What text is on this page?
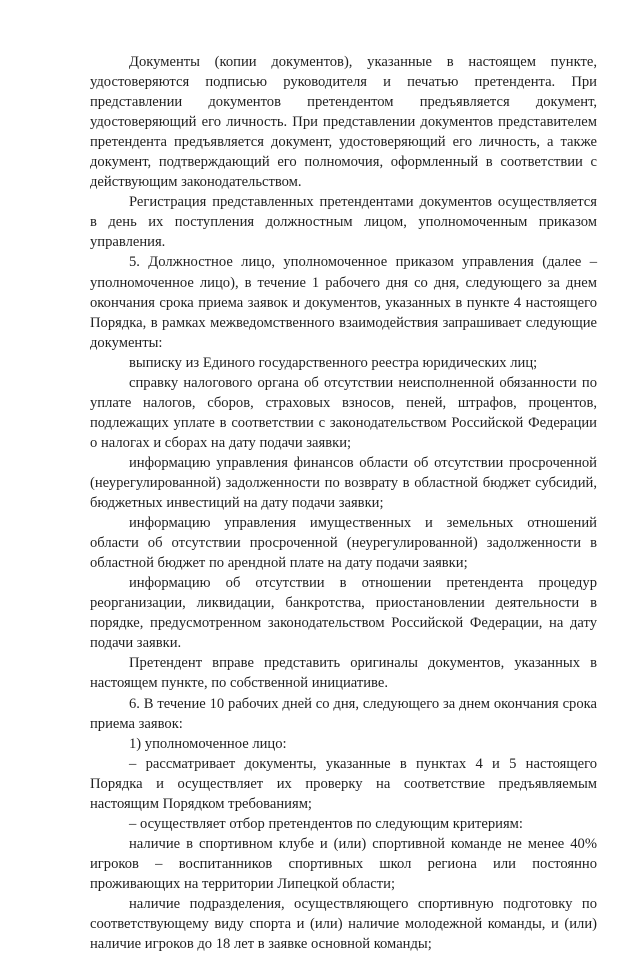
Документы (копии документов), указанные в настоящем пункте, удостоверяются подписью руководителя и печатью претендента. При представлении документов претендентом предъявляется документ, удостоверяющий его личность. При представлении документов представителем претендента предъявляется документ, удостоверяющий его личность, а также документ, подтверждающий его полномочия, оформленный в соответствии с действующим законодательством.

Регистрация представленных претендентами документов осуществляется в день их поступления должностным лицом, уполномоченным приказом управления.

5. Должностное лицо, уполномоченное приказом управления (далее – уполномоченное лицо), в течение 1 рабочего дня со дня, следующего за днем окончания срока приема заявок и документов, указанных в пункте 4 настоящего Порядка, в рамках межведомственного взаимодействия запрашивает следующие документы:

выписку из Единого государственного реестра юридических лиц;

справку налогового органа об отсутствии неисполненной обязанности по уплате налогов, сборов, страховых взносов, пеней, штрафов, процентов, подлежащих уплате в соответствии с законодательством Российской Федерации о налогах и сборах на дату подачи заявки;

информацию управления финансов области об отсутствии просроченной (неурегулированной) задолженности по возврату в областной бюджет субсидий, бюджетных инвестиций на дату подачи заявки;

информацию управления имущественных и земельных отношений области об отсутствии просроченной (неурегулированной) задолженности в областной бюджет по арендной плате на дату подачи заявки;

информацию об отсутствии в отношении претендента процедур реорганизации, ликвидации, банкротства, приостановлении деятельности в порядке, предусмотренном законодательством Российской Федерации, на дату подачи заявки.

Претендент вправе представить оригиналы документов, указанных в настоящем пункте, по собственной инициативе.

6. В течение 10 рабочих дней со дня, следующего за днем окончания срока приема заявок:

1) уполномоченное лицо:

– рассматривает документы, указанные в пунктах 4 и 5 настоящего Порядка и осуществляет их проверку на соответствие предъявляемым настоящим Порядком требованиям;

– осуществляет отбор претендентов по следующим критериям:

наличие в спортивном клубе и (или) спортивной команде не менее 40% игроков – воспитанников спортивных школ региона или постоянно проживающих на территории Липецкой области;

наличие подразделения, осуществляющего спортивную подготовку по соответствующему виду спорта и (или) наличие молодежной команды, и (или) наличие игроков до 18 лет в заявке основной команды;
